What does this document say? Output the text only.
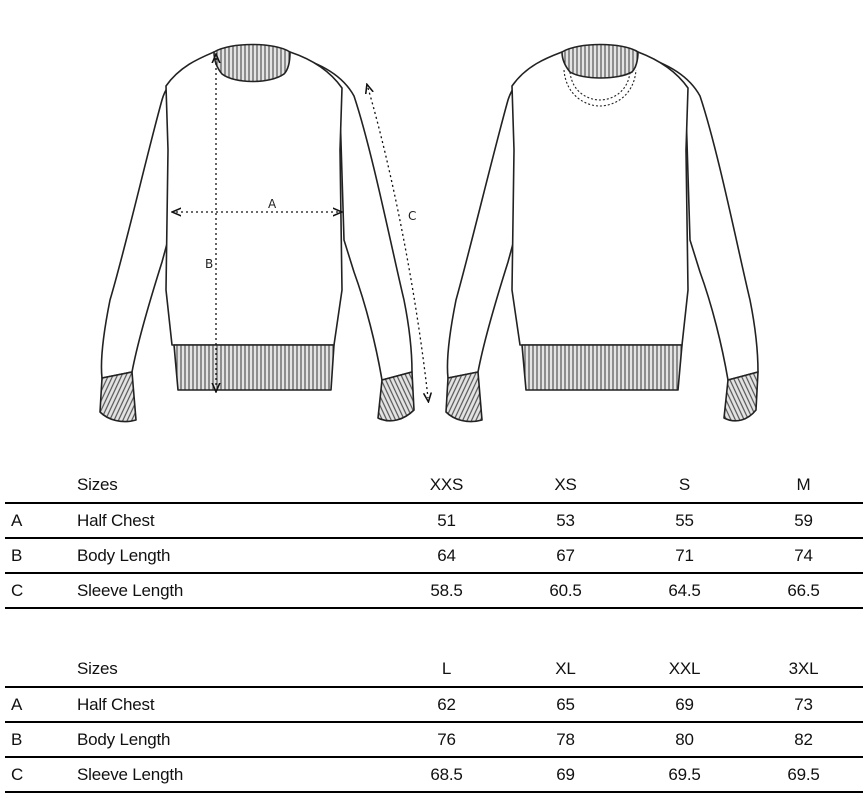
A
B
C
	Sizes	XXS	XS	S	M
A	Half Chest	51	53	55	59
B	Body Length	64	67	71	74
C	Sleeve Length	58.5	60.5	64.5	66.5
	Sizes	L	XL	XXL	3XL
A	Half Chest	62	65	69	73
B	Body Length	76	78	80	82
C	Sleeve Length	68.5	69	69.5	69.5
